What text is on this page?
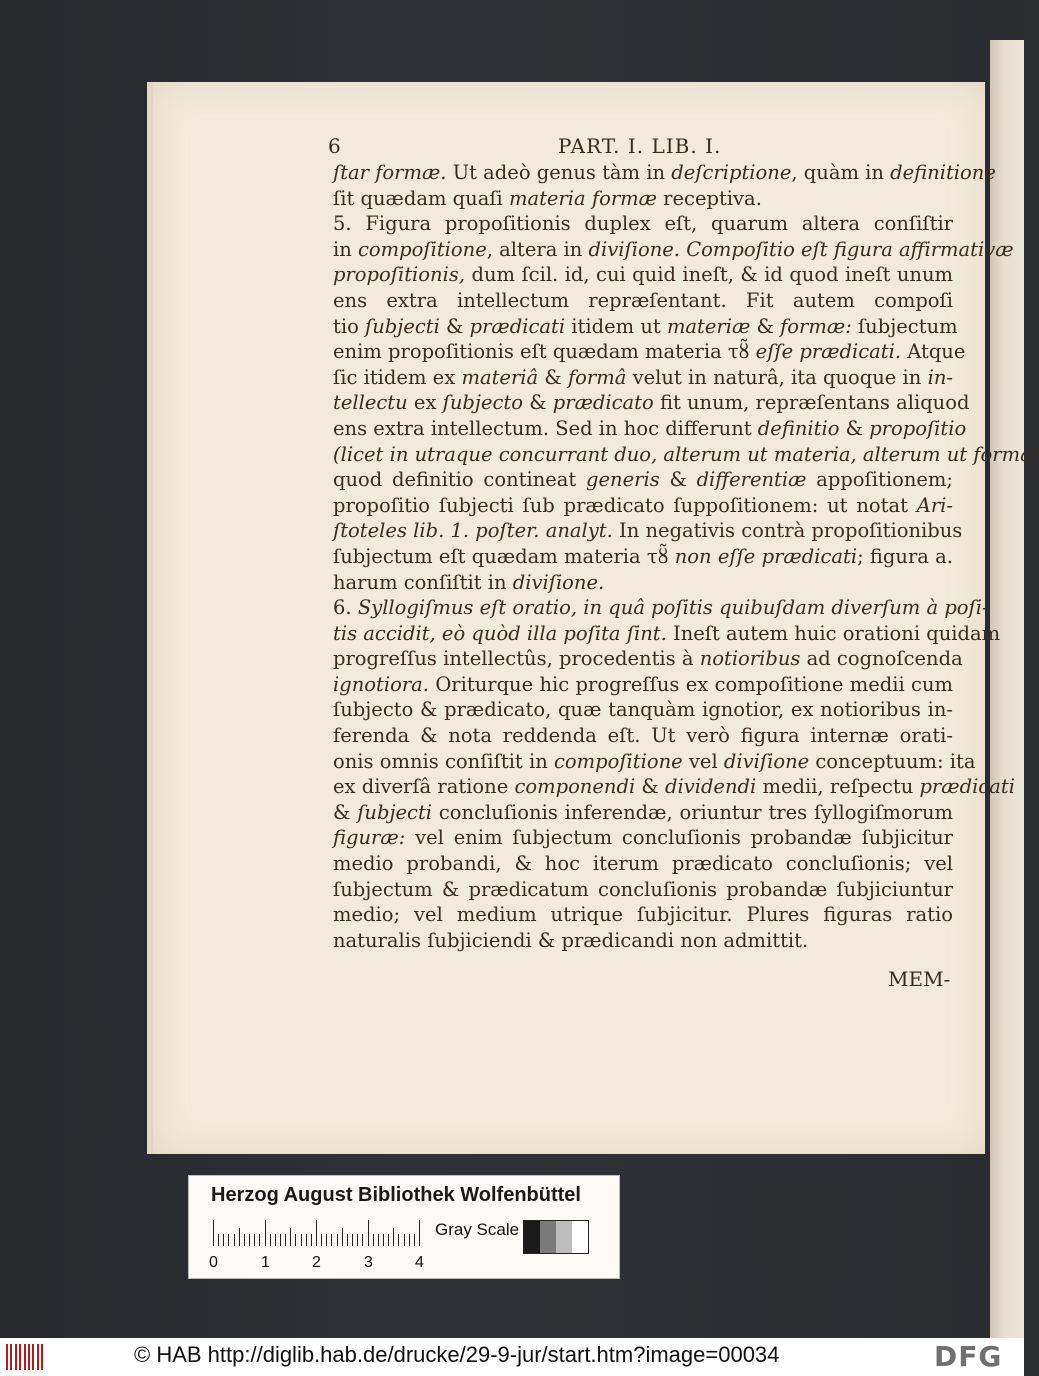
6	PART. I. LIB. I.
ſtar formæ. Ut adeò genus tàm in deſcriptione, quàm in definitione
ſit quædam quaſi materia formæ receptiva.
5. Figura propoſitionis duplex eſt, quarum altera conſiſtir
in compoſitione, altera in diviſione. Compoſitio eſt figura affirmativæ
propoſitionis, dum ſcil. id, cui quid ineſt, & id quod ineſt unum
ens extra intellectum repræſentant. Fit autem compoſi
tio ſubjecti & prædicati itidem ut materiæ & formæ: ſubjectum
enim propoſitionis eſt quædam materia τȣ̃ eſſe prædicati. Atque
ſic itidem ex materiâ & formâ velut in naturâ, ita quoque in in-
tellectu ex ſubjecto & prædicato fit unum, repræſentans aliquod
ens extra intellectum. Sed in hoc differunt definitio & propoſitio
(licet in utraque concurrant duo, alterum ut materia, alterum ut forma)
quod definitio contineat generis & differentiæ appoſitionem;
propoſitio ſubjecti ſub prædicato ſuppoſitionem: ut notat Ari-
ſtoteles lib. 1. poſter. analyt. In negativis contrà propoſitionibus
ſubjectum eſt quædam materia τȣ̃ non eſſe prædicati; figura a.
harum conſiſtit in diviſione.
6. Syllogiſmus eſt oratio, in quâ poſitis quibuſdam diverſum à poſi-
tis accidit, eò quòd illa poſita ſint. Ineſt autem huic orationi quidam
progreſſus intellectûs, procedentis à notioribus ad cognoſcenda
ignotiora. Oriturque hic progreſſus ex compoſitione medii cum
ſubjecto & prædicato, quæ tanquàm ignotior, ex notioribus in-
ferenda & nota reddenda eſt. Ut verò figura internæ orati-
onis omnis conſiſtit in compoſitione vel diviſione conceptuum: ita
ex diverſâ ratione componendi & dividendi medii, reſpectu prædicati
& ſubjecti concluſionis inferendæ, oriuntur tres ſyllogiſmorum
figuræ: vel enim ſubjectum concluſionis probandæ ſubjicitur
medio probandi, & hoc iterum prædicato concluſionis; vel
ſubjectum & prædicatum concluſionis probandæ ſubjiciuntur
medio; vel medium utrique ſubjicitur. Plures figuras ratio
naturalis ſubjiciendi & prædicandi non admittit.
MEM-
Herzog August Bibliothek Wolfenbüttel
0	1	2	3	4
Gray Scale
© HAB http://diglib.hab.de/drucke/29-9-jur/start.htm?image=00034	DFG
